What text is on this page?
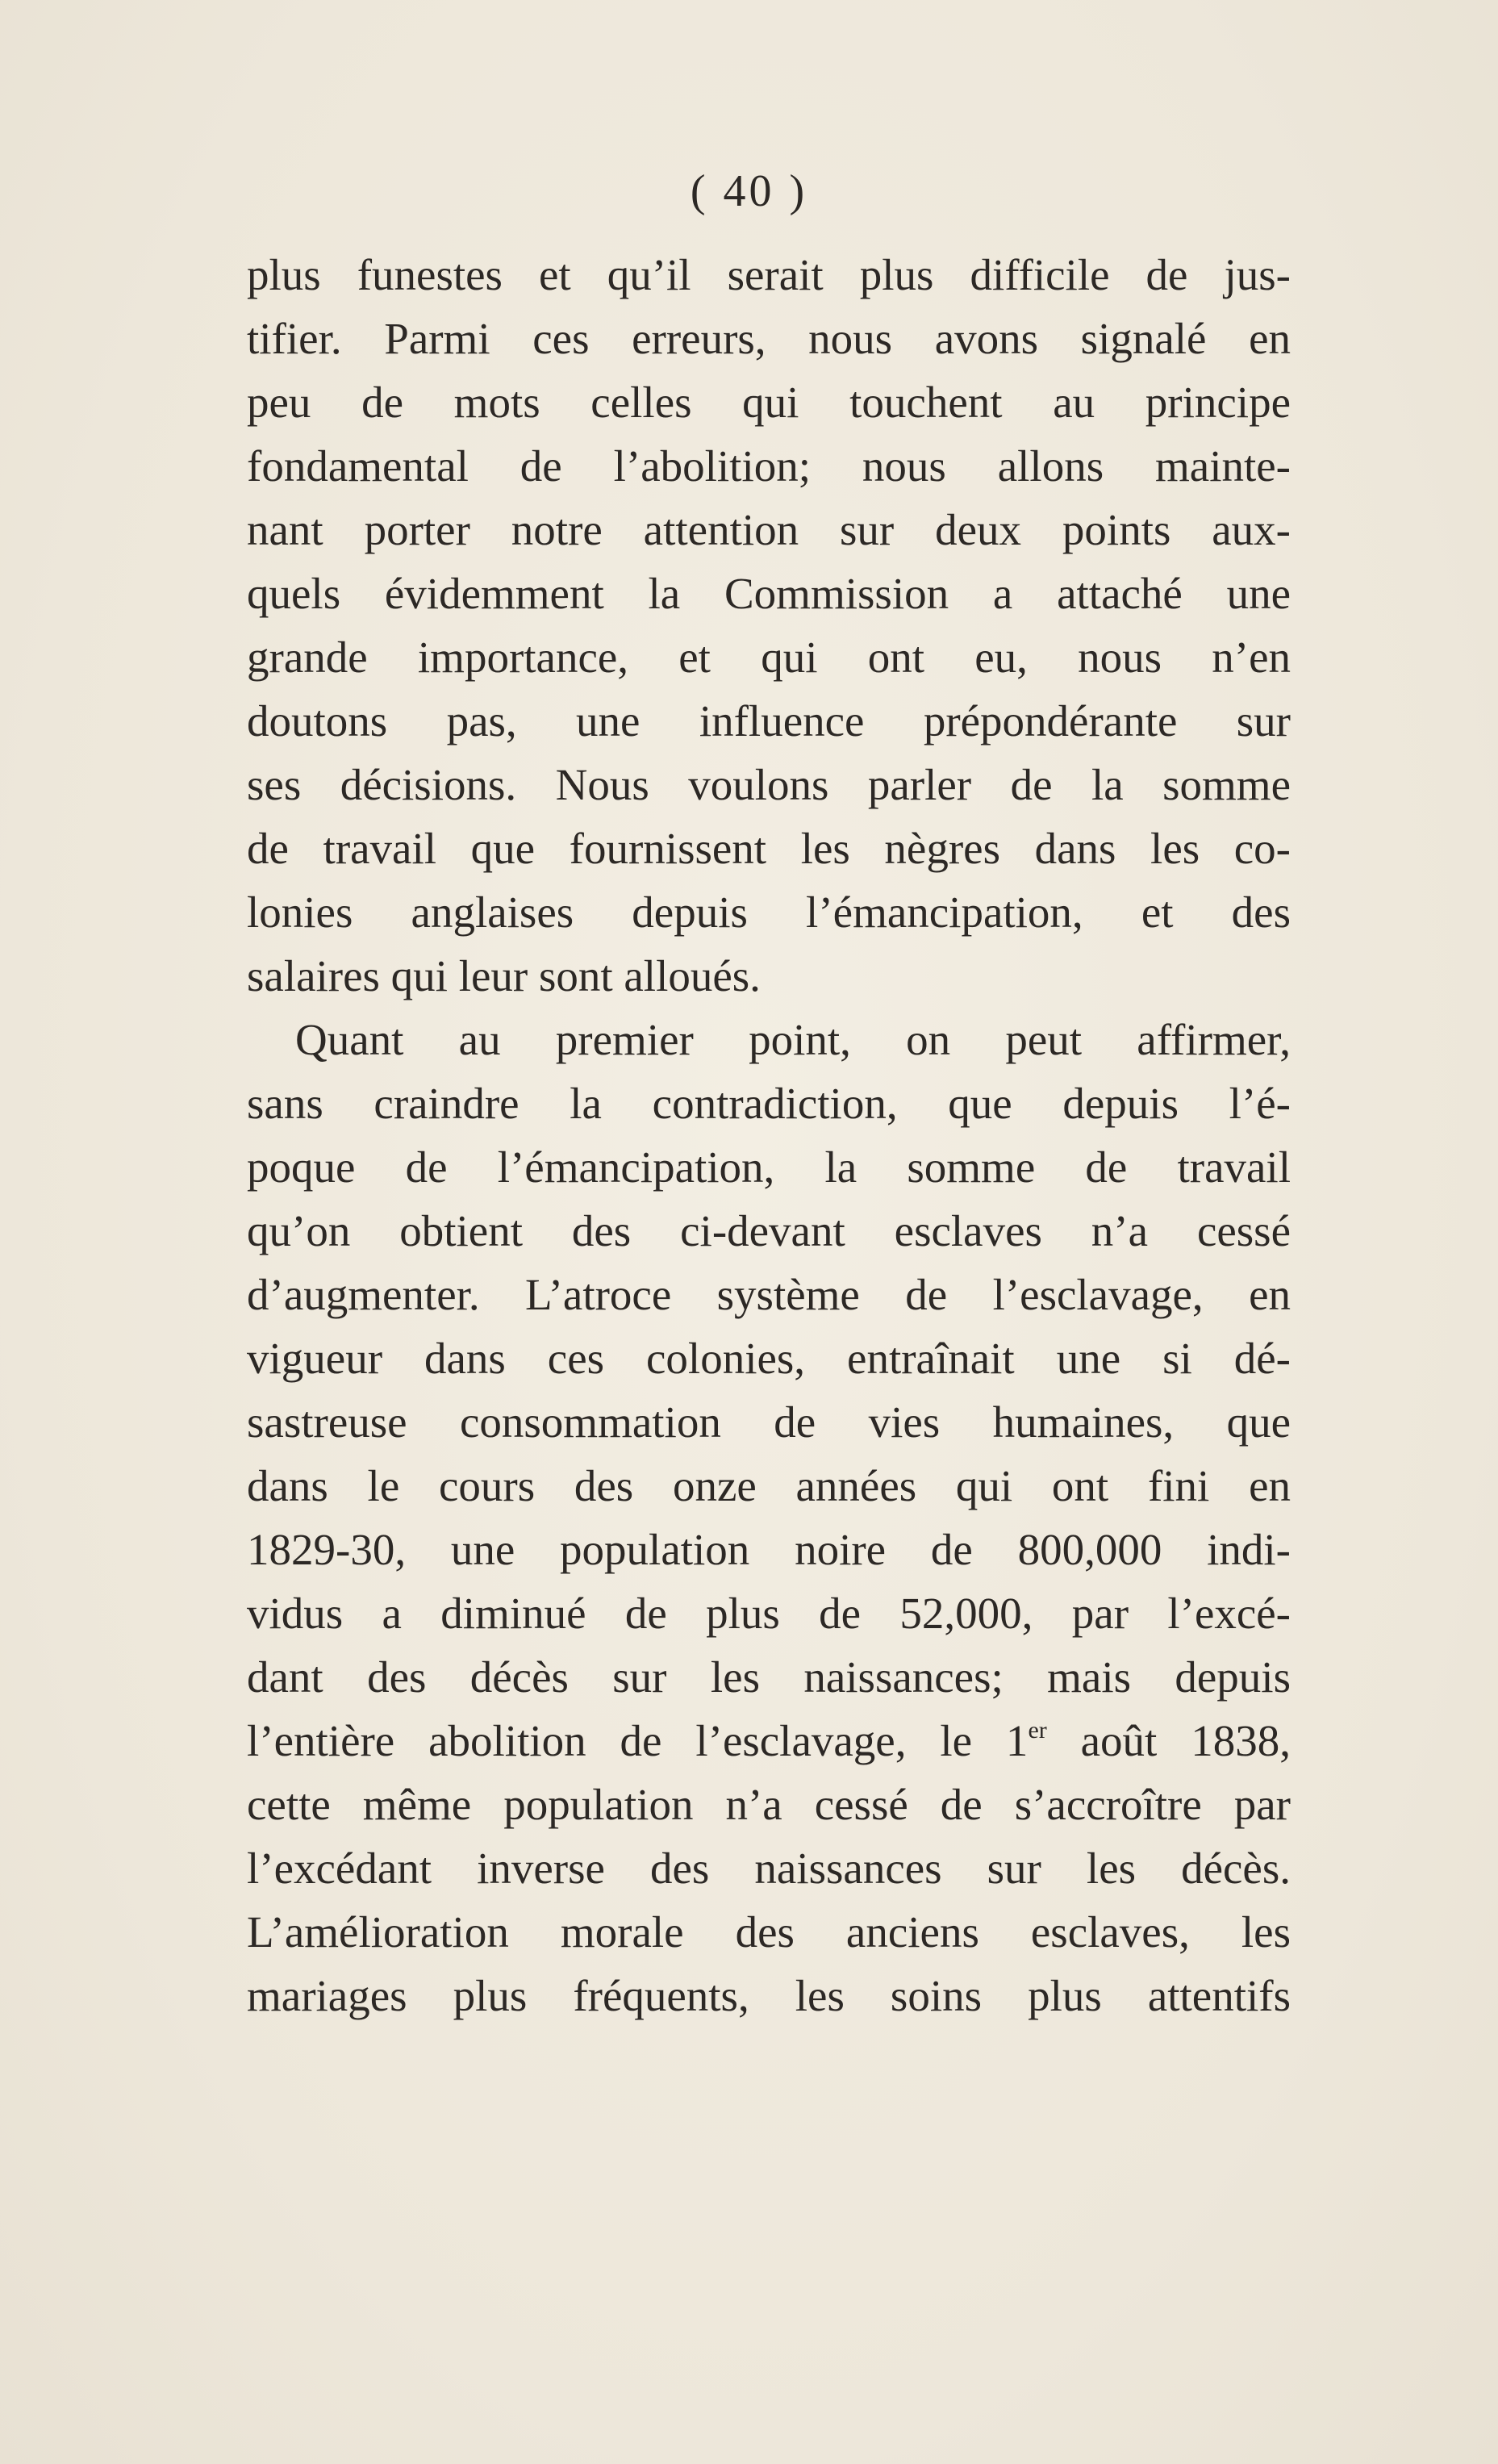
( 40 )
plus funestes et qu’il serait plus difficile de jus-
tifier. Parmi ces erreurs, nous avons signalé en
peu de mots celles qui touchent au principe
fondamental de l’abolition; nous allons mainte-
nant porter notre attention sur deux points aux-
quels évidemment la Commission a attaché une
grande importance, et qui ont eu, nous n’en
doutons pas, une influence prépondérante sur
ses décisions. Nous voulons parler de la somme
de travail que fournissent les nègres dans les co-
lonies anglaises depuis l’émancipation, et des
salaires qui leur sont alloués.
Quant au premier point, on peut affirmer,
sans craindre la contradiction, que depuis l’é-
poque de l’émancipation, la somme de travail
qu’on obtient des ci-devant esclaves n’a cessé
d’augmenter. L’atroce système de l’esclavage, en
vigueur dans ces colonies, entraînait une si dé-
sastreuse consommation de vies humaines, que
dans le cours des onze années qui ont fini en
1829-30, une population noire de 800,000 indi-
vidus a diminué de plus de 52,000, par l’excé-
dant des décès sur les naissances; mais depuis
l’entière abolition de l’esclavage, le 1er août 1838,
cette même population n’a cessé de s’accroître par
l’excédant inverse des naissances sur les décès.
L’amélioration morale des anciens esclaves, les
mariages plus fréquents, les soins plus attentifs
